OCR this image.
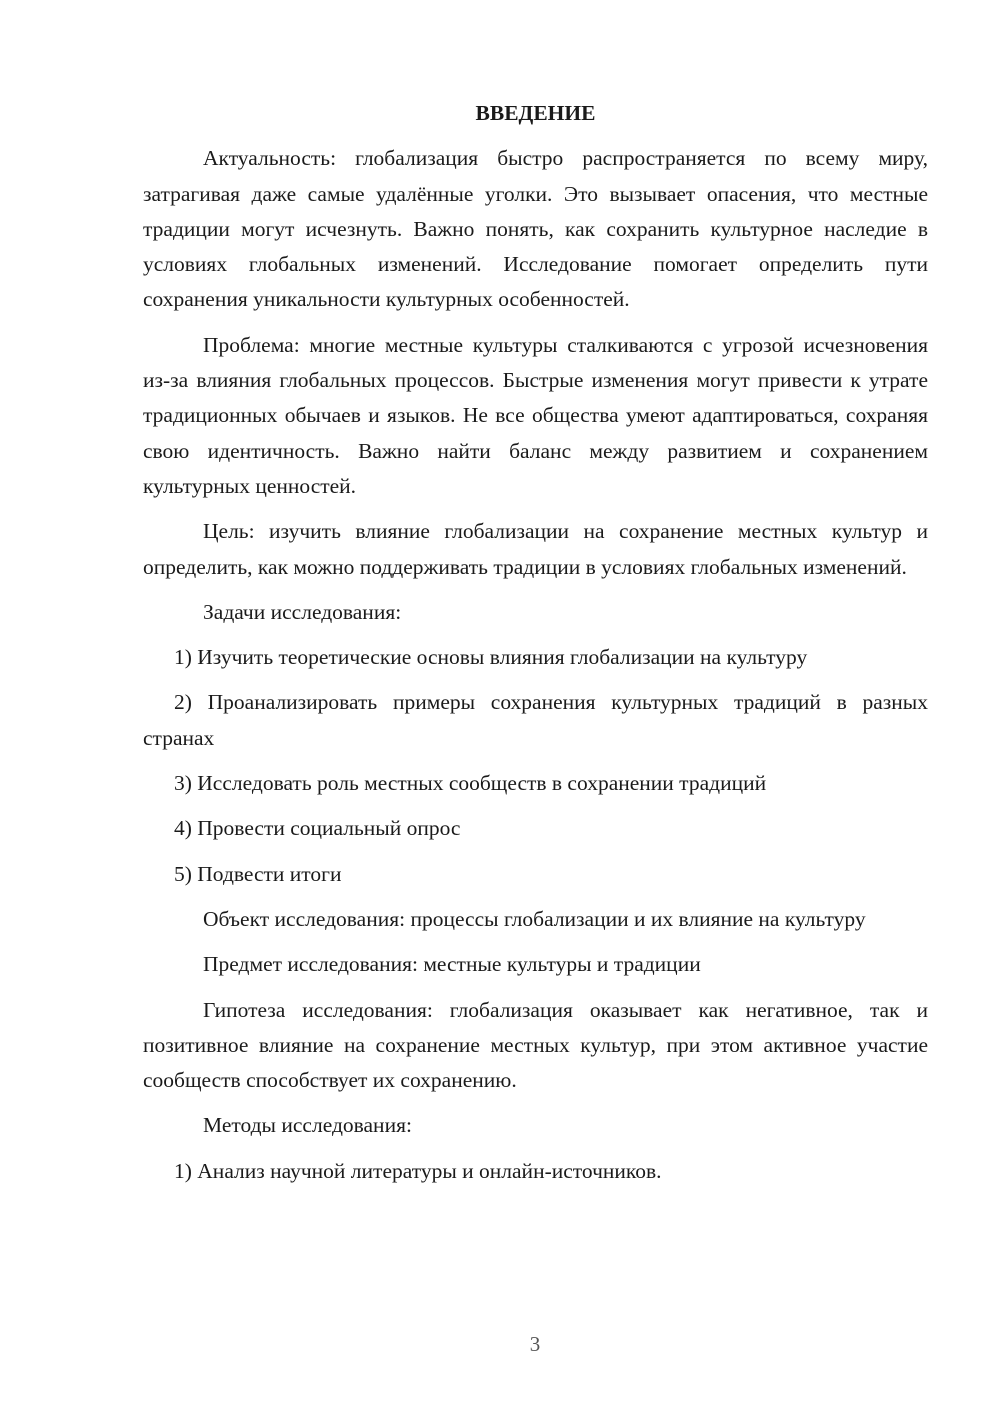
ВВЕДЕНИЕ

Актуальность: глобализация быстро распространяется по всему миру, затрагивая даже самые удалённые уголки. Это вызывает опасения, что местные традиции могут исчезнуть. Важно понять, как сохранить культурное наследие в условиях глобальных изменений. Исследование помогает определить пути сохранения уникальности культурных особенностей.

Проблема: многие местные культуры сталкиваются с угрозой исчезновения из-за влияния глобальных процессов. Быстрые изменения могут привести к утрате традиционных обычаев и языков. Не все общества умеют адаптироваться, сохраняя свою идентичность. Важно найти баланс между развитием и сохранением культурных ценностей.

Цель: изучить влияние глобализации на сохранение местных культур и определить, как можно поддерживать традиции в условиях глобальных изменений.

Задачи исследования:

1) Изучить теоретические основы влияния глобализации на культуру

2) Проанализировать примеры сохранения культурных традиций в разных странах

3) Исследовать роль местных сообществ в сохранении традиций

4) Провести социальный опрос

5) Подвести итоги

Объект исследования: процессы глобализации и их влияние на культуру

Предмет исследования: местные культуры и традиции

Гипотеза исследования: глобализация оказывает как негативное, так и позитивное влияние на сохранение местных культур, при этом активное участие сообществ способствует их сохранению.

Методы исследования:

1) Анализ научной литературы и онлайн-источников.

3
